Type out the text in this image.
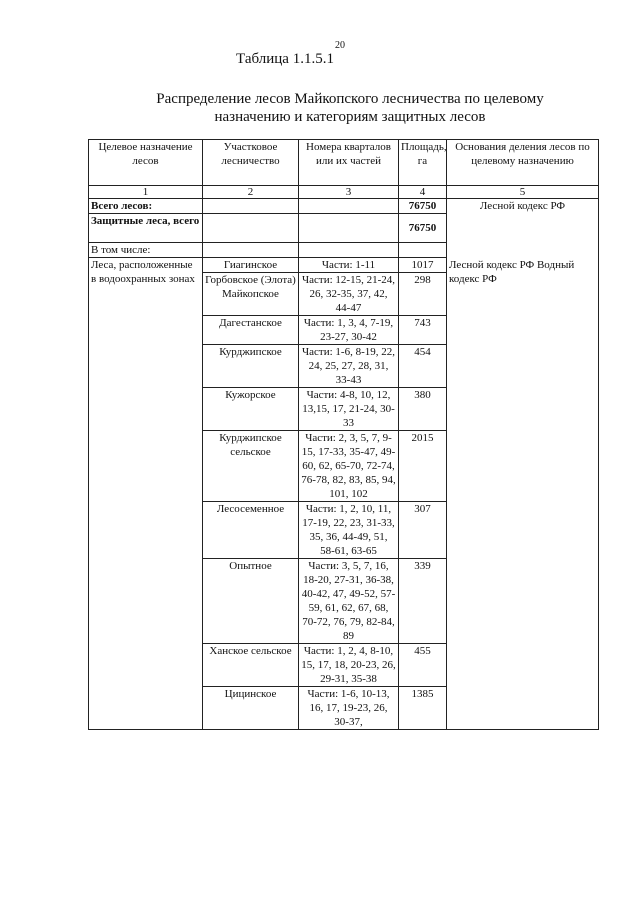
20
Таблица 1.1.5.1
Распределение лесов Майкопского лесничества по целевому
назначению и категориям защитных лесов
Целевое назначение лесов	Участковое лесничество	Номера кварталов или их частей	Площадь, га	Основания деления лесов по целевому назначению
1	2	3	4	5
Всего лесов:			76750	Лесной кодекс РФ
Защитные леса, всего			76750	
В том числе:				
Леса, расположенные в водоохранных зонах	Гиагинское	Части: 1-11	1017	Лесной кодекс РФ Водный кодекс РФ
	Горбовское (Элота) Майкопское	Части: 12-15, 21-24, 26, 32-35, 37, 42, 44-47	298	
	Дагестанское	Части: 1, 3, 4, 7-19, 23-27, 30-42	743	
	Курджипское	Части: 1-6, 8-19, 22, 24, 25, 27, 28, 31, 33-43	454	
	Кужорское	Части: 4-8, 10, 12, 13,15, 17, 21-24, 30-33	380	
	Курджипское сельское	Части: 2, 3, 5, 7, 9-15, 17-33, 35-47, 49-60, 62, 65-70, 72-74, 76-78, 82, 83, 85, 94, 101, 102	2015	
	Лесосеменное	Части: 1, 2, 10, 11, 17-19, 22, 23, 31-33, 35, 36, 44-49, 51, 58-61, 63-65	307	
	Опытное	Части: 3, 5, 7, 16, 18-20, 27-31, 36-38, 40-42, 47, 49-52, 57-59, 61, 62, 67, 68, 70-72, 76, 79, 82-84, 89	339	
	Ханское сельское	Части: 1, 2, 4, 8-10, 15, 17, 18, 20-23, 26, 29-31, 35-38	455	
	Цицинское	Части: 1-6, 10-13, 16, 17, 19-23, 26, 30-37,	1385	
